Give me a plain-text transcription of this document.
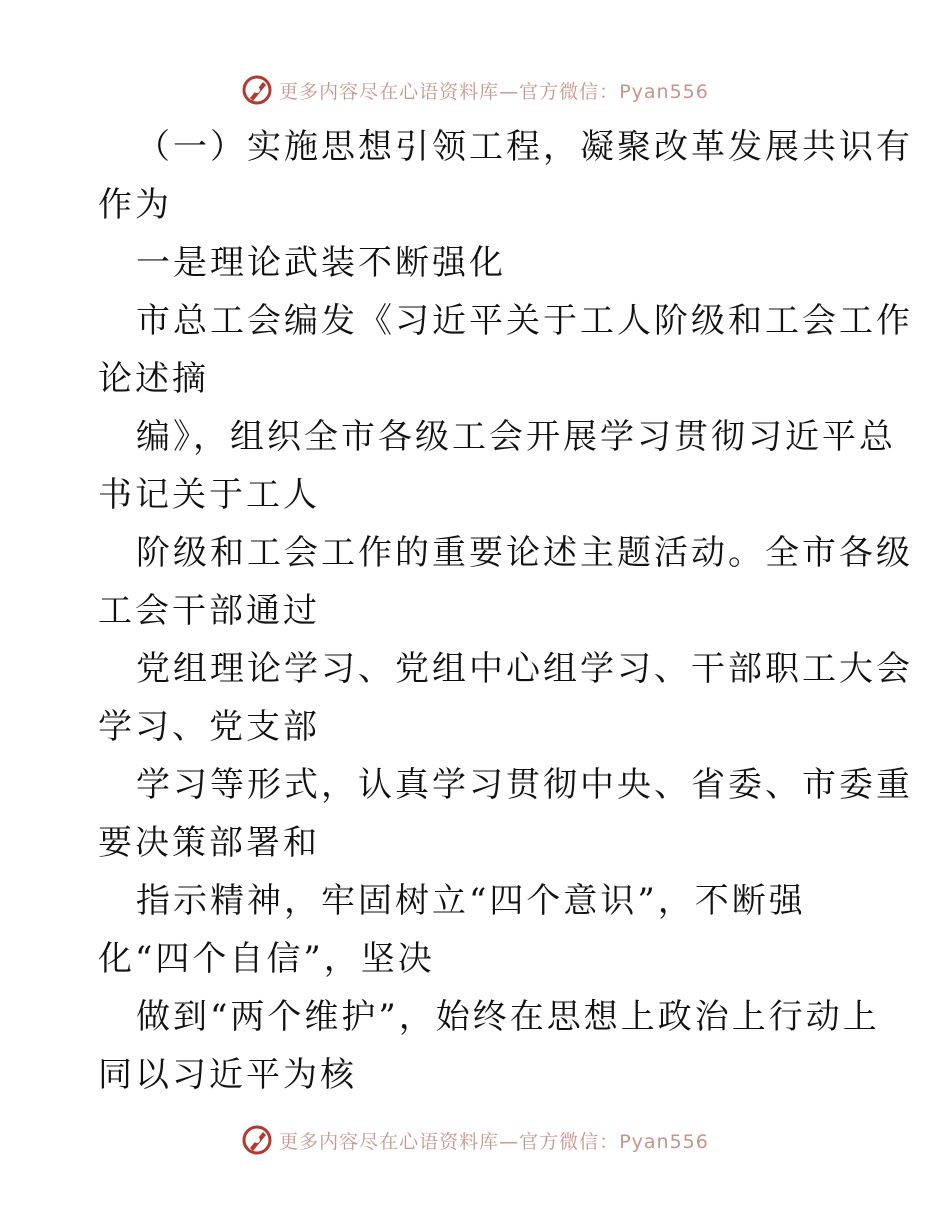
更多内容尽在心语资料库—官方微信：Pyan556
（一）实施思想引领工程，凝聚改革发展共识有
作为
一是理论武装不断强化
市总工会编发《习近平关于工人阶级和工会工作
论述摘
编》，组织全市各级工会开展学习贯彻习近平总
书记关于工人
阶级和工会工作的重要论述主题活动。全市各级
工会干部通过
党组理论学习、党组中心组学习、干部职工大会
学习、党支部
学习等形式，认真学习贯彻中央、省委、市委重
要决策部署和
指示精神，牢固树立“四个意识”，不断强
化“四个自信”，坚决
做到“两个维护”，始终在思想上政治上行动上
同以习近平为核
更多内容尽在心语资料库—官方微信：Pyan556
